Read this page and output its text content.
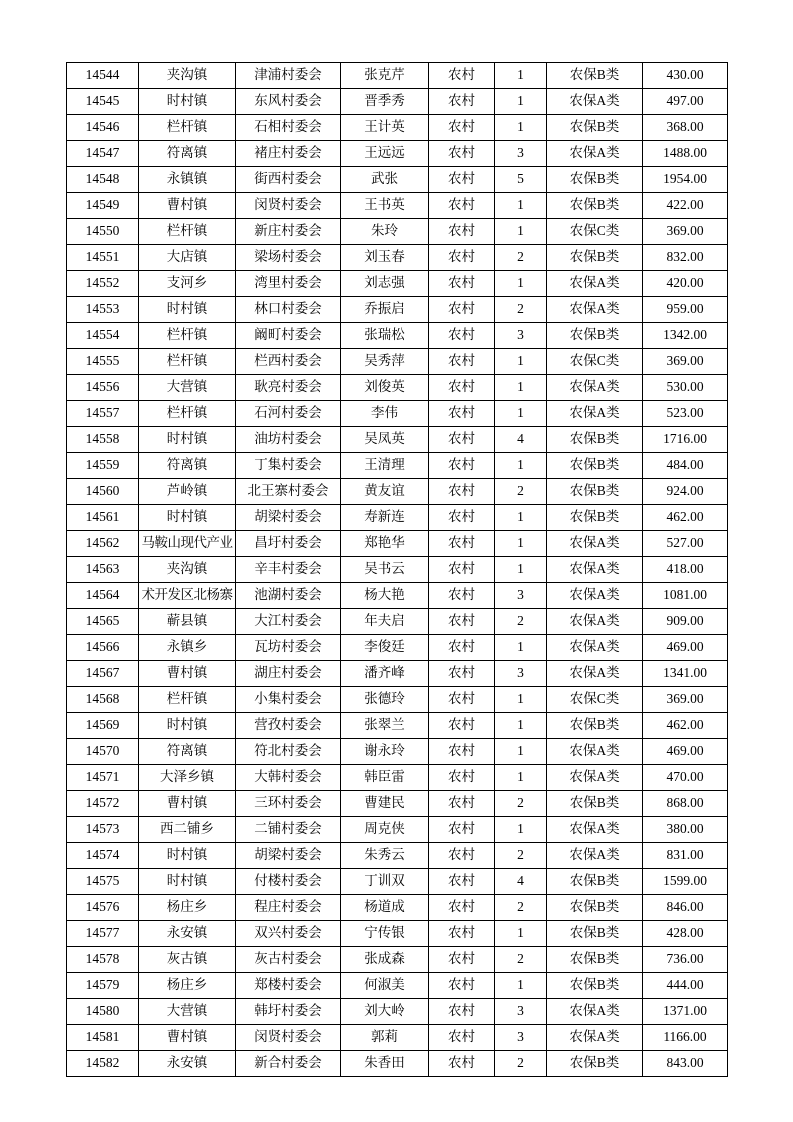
14544	夹沟镇	津浦村委会	张克芹	农村	1	农保B类	430.00
14545	时村镇	东风村委会	晋季秀	农村	1	农保A类	497.00
14546	栏杆镇	石相村委会	王计英	农村	1	农保B类	368.00
14547	符离镇	褚庄村委会	王远远	农村	3	农保A类	1488.00
14548	永镇镇	街西村委会	武张	农村	5	农保B类	1954.00
14549	曹村镇	闵贤村委会	王书英	农村	1	农保B类	422.00
14550	栏杆镇	新庄村委会	朱玲	农村	1	农保C类	369.00
14551	大店镇	梁场村委会	刘玉春	农村	2	农保B类	832.00
14552	支河乡	湾里村委会	刘志强	农村	1	农保A类	420.00
14553	时村镇	林口村委会	乔振启	农村	2	农保A类	959.00
14554	栏杆镇	阚町村委会	张瑞松	农村	3	农保B类	1342.00
14555	栏杆镇	栏西村委会	吴秀萍	农村	1	农保C类	369.00
14556	大营镇	耿亮村委会	刘俊英	农村	1	农保A类	530.00
14557	栏杆镇	石河村委会	李伟	农村	1	农保A类	523.00
14558	时村镇	油坊村委会	吴凤英	农村	4	农保B类	1716.00
14559	符离镇	丁集村委会	王清理	农村	1	农保B类	484.00
14560	芦岭镇	北王寨村委会	黄友谊	农村	2	农保B类	924.00
14561	时村镇	胡梁村委会	寿新连	农村	1	农保B类	462.00
14562	马鞍山现代产业	昌圩村委会	郑艳华	农村	1	农保A类	527.00
14563	夹沟镇	辛丰村委会	吴书云	农村	1	农保A类	418.00
14564	术开发区北杨寨	池湖村委会	杨大艳	农村	3	农保A类	1081.00
14565	蕲县镇	大江村委会	年夫启	农村	2	农保A类	909.00
14566	永镇乡	瓦坊村委会	李俊廷	农村	1	农保A类	469.00
14567	曹村镇	湖庄村委会	潘齐峰	农村	3	农保A类	1341.00
14568	栏杆镇	小集村委会	张德玲	农村	1	农保C类	369.00
14569	时村镇	营孜村委会	张翠兰	农村	1	农保B类	462.00
14570	符离镇	符北村委会	谢永玲	农村	1	农保A类	469.00
14571	大泽乡镇	大韩村委会	韩臣雷	农村	1	农保A类	470.00
14572	曹村镇	三环村委会	曹建民	农村	2	农保B类	868.00
14573	西二铺乡	二铺村委会	周克侠	农村	1	农保A类	380.00
14574	时村镇	胡梁村委会	朱秀云	农村	2	农保A类	831.00
14575	时村镇	付楼村委会	丁训双	农村	4	农保B类	1599.00
14576	杨庄乡	程庄村委会	杨道成	农村	2	农保B类	846.00
14577	永安镇	双兴村委会	宁传银	农村	1	农保B类	428.00
14578	灰古镇	灰古村委会	张成森	农村	2	农保B类	736.00
14579	杨庄乡	郑楼村委会	何淑美	农村	1	农保B类	444.00
14580	大营镇	韩圩村委会	刘大岭	农村	3	农保A类	1371.00
14581	曹村镇	闵贤村委会	郭莉	农村	3	农保A类	1166.00
14582	永安镇	新合村委会	朱香田	农村	2	农保B类	843.00
